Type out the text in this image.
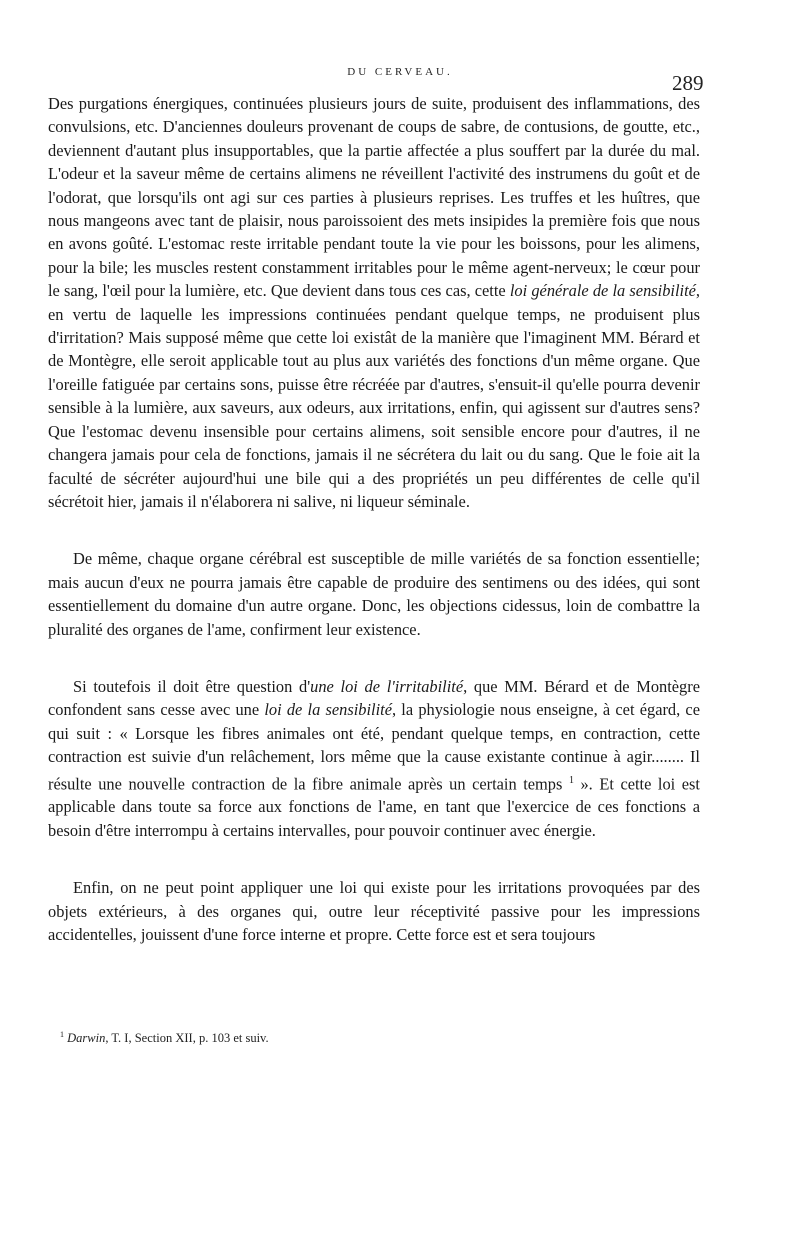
DU CERVEAU.	289

Des purgations énergiques, continuées plusieurs jours de suite, produisent des inflammations, des convulsions, etc. D'anciennes douleurs provenant de coups de sabre, de contusions, de goutte, etc., deviennent d'autant plus insupportables, que la partie affectée a plus souffert par la durée du mal. L'odeur et la saveur même de certains alimens ne réveillent l'activité des instrumens du goût et de l'odorat, que lorsqu'ils ont agi sur ces parties à plusieurs reprises. Les truffes et les huîtres, que nous mangeons avec tant de plaisir, nous paroissoient des mets insipides la première fois que nous en avons goûté. L'estomac reste irritable pendant toute la vie pour les boissons, pour les alimens, pour la bile; les muscles restent constamment irritables pour le même agent-nerveux; le cœur pour le sang, l'œil pour la lumière, etc. Que devient dans tous ces cas, cette loi générale de la sensibilité, en vertu de laquelle les impressions continuées pendant quelque temps, ne produisent plus d'irritation? Mais supposé même que cette loi existât de la manière que l'imaginent MM. Bérard et de Montègre, elle seroit applicable tout au plus aux variétés des fonctions d'un même organe. Que l'oreille fatiguée par certains sons, puisse être récréée par d'autres, s'ensuit-il qu'elle pourra devenir sensible à la lumière, aux saveurs, aux odeurs, aux irritations, enfin, qui agissent sur d'autres sens? Que l'estomac devenu insensible pour certains alimens, soit sensible encore pour d'autres, il ne changera jamais pour cela de fonctions, jamais il ne sécrétera du lait ou du sang. Que le foie ait la faculté de sécréter aujourd'hui une bile qui a des propriétés un peu différentes de celle qu'il sécrétoit hier, jamais il n'élaborera ni salive, ni liqueur séminale.

De même, chaque organe cérébral est susceptible de mille variétés de sa fonction essentielle; mais aucun d'eux ne pourra jamais être capable de produire des sentimens ou des idées, qui sont essentiellement du domaine d'un autre organe. Donc, les objections cidessus, loin de combattre la pluralité des organes de l'ame, confirment leur existence.

Si toutefois il doit être question d'une loi de l'irritabilité, que MM. Bérard et de Montègre confondent sans cesse avec une loi de la sensibilité, la physiologie nous enseigne, à cet égard, ce qui suit : « Lorsque les fibres animales ont été, pendant quelque temps, en contraction, cette contraction est suivie d'un relâchement, lors même que la cause existante continue à agir........ Il résulte une nouvelle contraction de la fibre animale après un certain temps $^1$ ». Et cette loi est applicable dans toute sa force aux fonctions de l'ame, en tant que l'exercice de ces fonctions a besoin d'être interrompu à certains intervalles, pour pouvoir continuer avec énergie.

Enfin, on ne peut point appliquer une loi qui existe pour les irritations provoquées par des objets extérieurs, à des organes qui, outre leur réceptivité passive pour les impressions accidentelles, jouissent d'une force interne et propre. Cette force est et sera toujours

$^1$ Darwin, T. I, Section XII, p. 103 et suiv.
